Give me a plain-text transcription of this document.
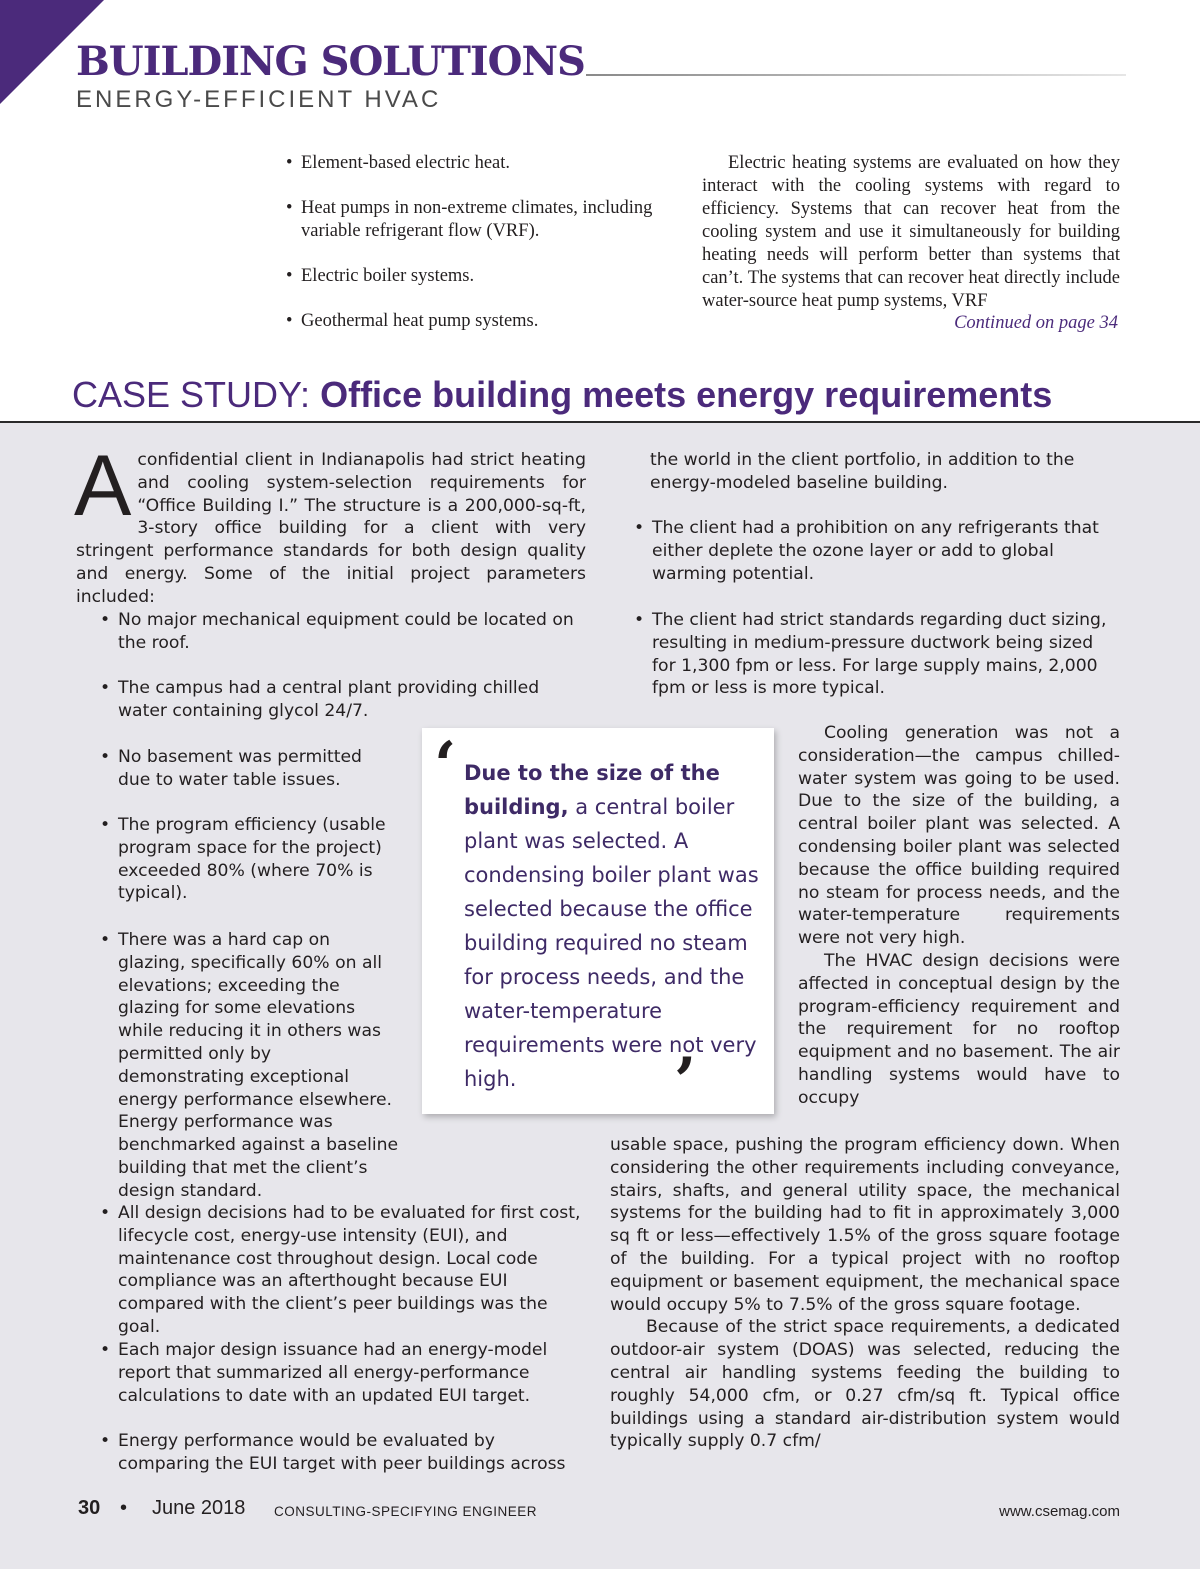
BUILDING SOLUTIONS
ENERGY-EFFICIENT HVAC
• Element-based electric heat.
• Heat pumps in non-extreme climates, including variable refrigerant flow (VRF).
• Electric boiler systems.
• Geothermal heat pump systems.

Electric heating systems are evaluated on how they interact with the cooling systems with regard to efficiency. Systems that can recover heat from the cooling system and use it simultaneously for building heating needs will perform better than systems that can’t. The systems that can recover heat directly include water-source heat pump systems, VRF

Continued on page 34
CASE STUDY: Office building meets energy requirements
A confidential client in Indianapolis had strict heating and cooling system-selection requirements for “Office Building I.” The structure is a 200,000-sq-ft, 3-story office building for a client with very stringent performance standards for both design quality and energy. Some of the initial project parameters included:
• No major mechanical equipment could be located on the roof.
• The campus had a central plant providing chilled water containing glycol 24/7.
• No basement was permitted due to water table issues.
• The program efficiency (usable program space for the project) exceeded 80% (where 70% is typical).
• There was a hard cap on glazing, specifically 60% on all elevations; exceeding the glazing for some elevations while reducing it in others was permitted only by demonstrating exceptional energy performance elsewhere. Energy performance was benchmarked against a baseline building that met the client’s design standard.
• All design decisions had to be evaluated for first cost, lifecycle cost, energy-use intensity (EUI), and maintenance cost throughout design. Local code compliance was an afterthought because EUI compared with the client’s peer buildings was the goal.
• Each major design issuance had an energy-model report that summarized all energy-performance calculations to date with an updated EUI target.
• Energy performance would be evaluated by comparing the EUI target with peer buildings across
the world in the client portfolio, in addition to the energy-modeled baseline building.
• The client had a prohibition on any refrigerants that either deplete the ozone layer or add to global warming potential.
• The client had strict standards regarding duct sizing, resulting in medium-pressure ductwork being sized for 1,300 fpm or less. For large supply mains, 2,000 fpm or less is more typical.
‘ Due to the size of the building, a central boiler plant was selected. A condensing boiler plant was selected because the office building required no steam for process needs, and the water-temperature requirements were not very high.	’

Cooling generation was not a consideration—the campus chilled-water system was going to be used. Due to the size of the building, a central boiler plant was selected. A condensing boiler plant was selected because the office building required no steam for process needs, and the water-temperature requirements were not very high.

The HVAC design decisions were affected in conceptual design by the program-efficiency requirement and the requirement for no rooftop equipment and no basement. The air handling systems would have to occupy

usable space, pushing the program efficiency down. When considering the other requirements including conveyance, stairs, shafts, and general utility space, the mechanical systems for the building had to fit in approximately 3,000 sq ft or less—effectively 1.5% of the gross square footage of the building. For a typical project with no rooftop equipment or basement equipment, the mechanical space would occupy 5% to 7.5% of the gross square footage.

Because of the strict space requirements, a dedicated outdoor-air system (DOAS) was selected, reducing the central air handling systems feeding the building to roughly 54,000 cfm, or 0.27 cfm/sq ft. Typical office buildings using a standard air-distribution system would typically supply 0.7 cfm/

30 • June 2018 CONSULTING-SPECIFYING ENGINEER	www.csemag.com
